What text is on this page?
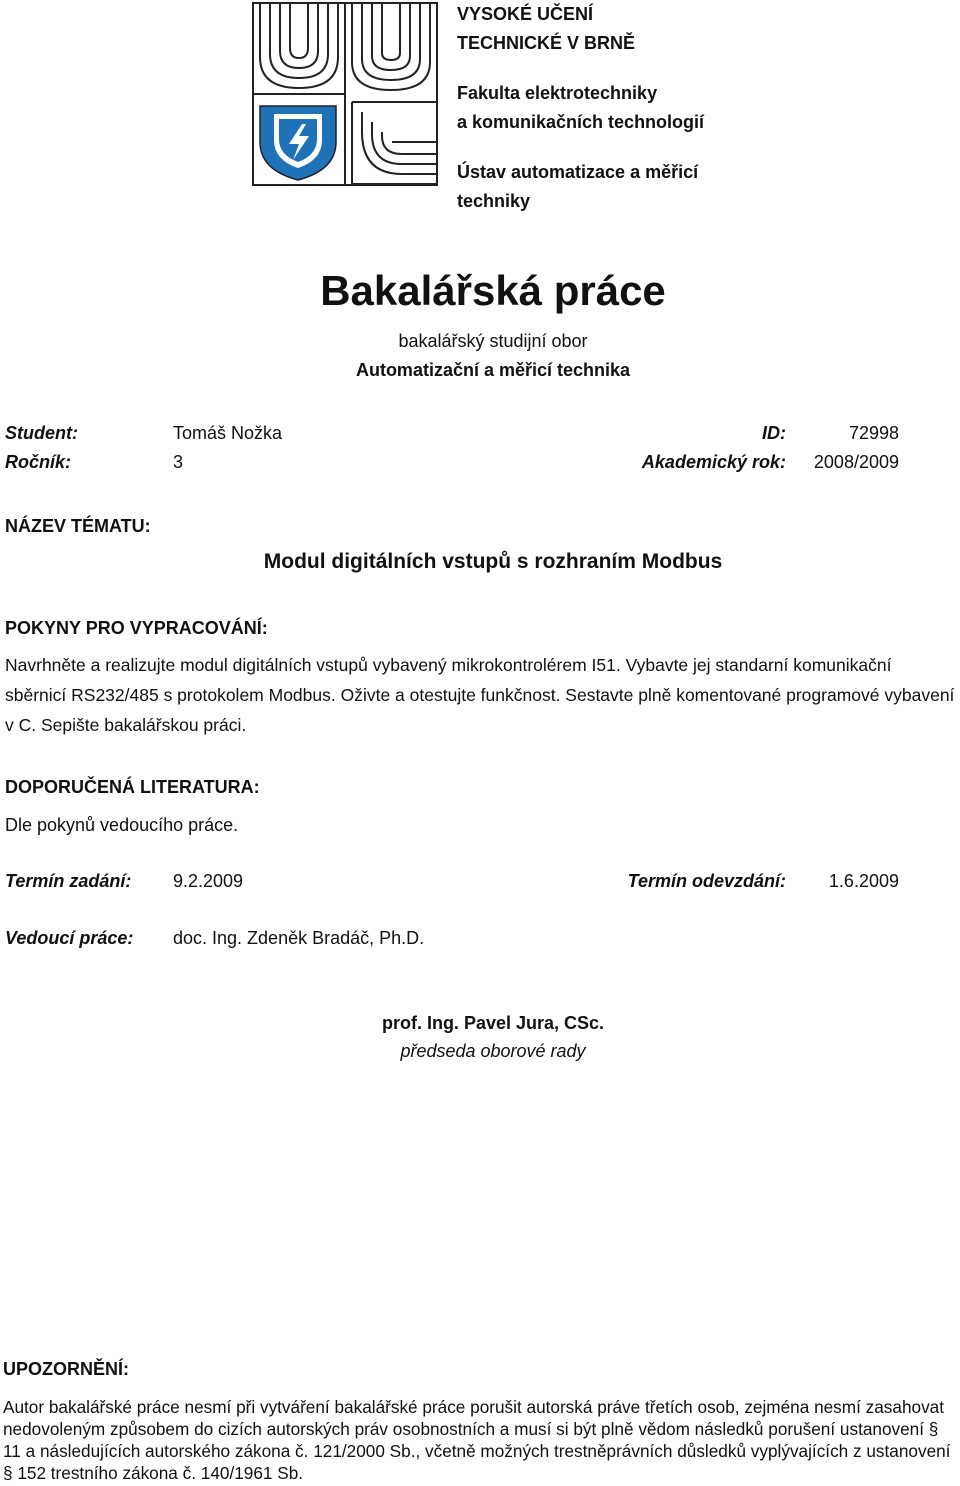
VYSOKÉ UČENÍ
TECHNICKÉ V BRNĚ
Fakulta elektrotechniky
a komunikačních technologií
Ústav automatizace a měřicí
techniky
Bakalářská práce
bakalářský studijní obor
Automatizační a měřicí technika
Student:	Tomáš Nožka	ID:	72998
Ročník:	3	Akademický rok: 2008/2009
NÁZEV TÉMATU:
Modul digitálních vstupů s rozhraním Modbus
POKYNY PRO VYPRACOVÁNÍ:
Navrhněte a realizujte modul digitálních vstupů vybavený mikrokontrolérem I51. Vybavte jej standarní komunikační sběrnicí RS232/485 s protokolem Modbus. Oživte a otestujte funkčnost. Sestavte plně komentované programové vybavení v C. Sepište bakalářskou práci.
DOPORUČENÁ LITERATURA:
Dle pokynů vedoucího práce.
Termín zadání: 9.2.2009	Termín odevzdání: 1.6.2009
Vedoucí práce: doc. Ing. Zdeněk Bradáč, Ph.D.
prof. Ing. Pavel Jura, CSc.
předseda oborové rady
UPOZORNĚNÍ:
Autor bakalářské práce nesmí při vytváření bakalářské práce porušit autorská práve třetích osob, zejména nesmí zasahovat nedovoleným způsobem do cizích autorských práv osobnostních a musí si být plně vědom následků porušení ustanovení § 11 a následujících autorského zákona č. 121/2000 Sb., včetně možných trestněprávních důsledků vyplývajících z ustanovení § 152 trestního zákona č. 140/1961 Sb.
